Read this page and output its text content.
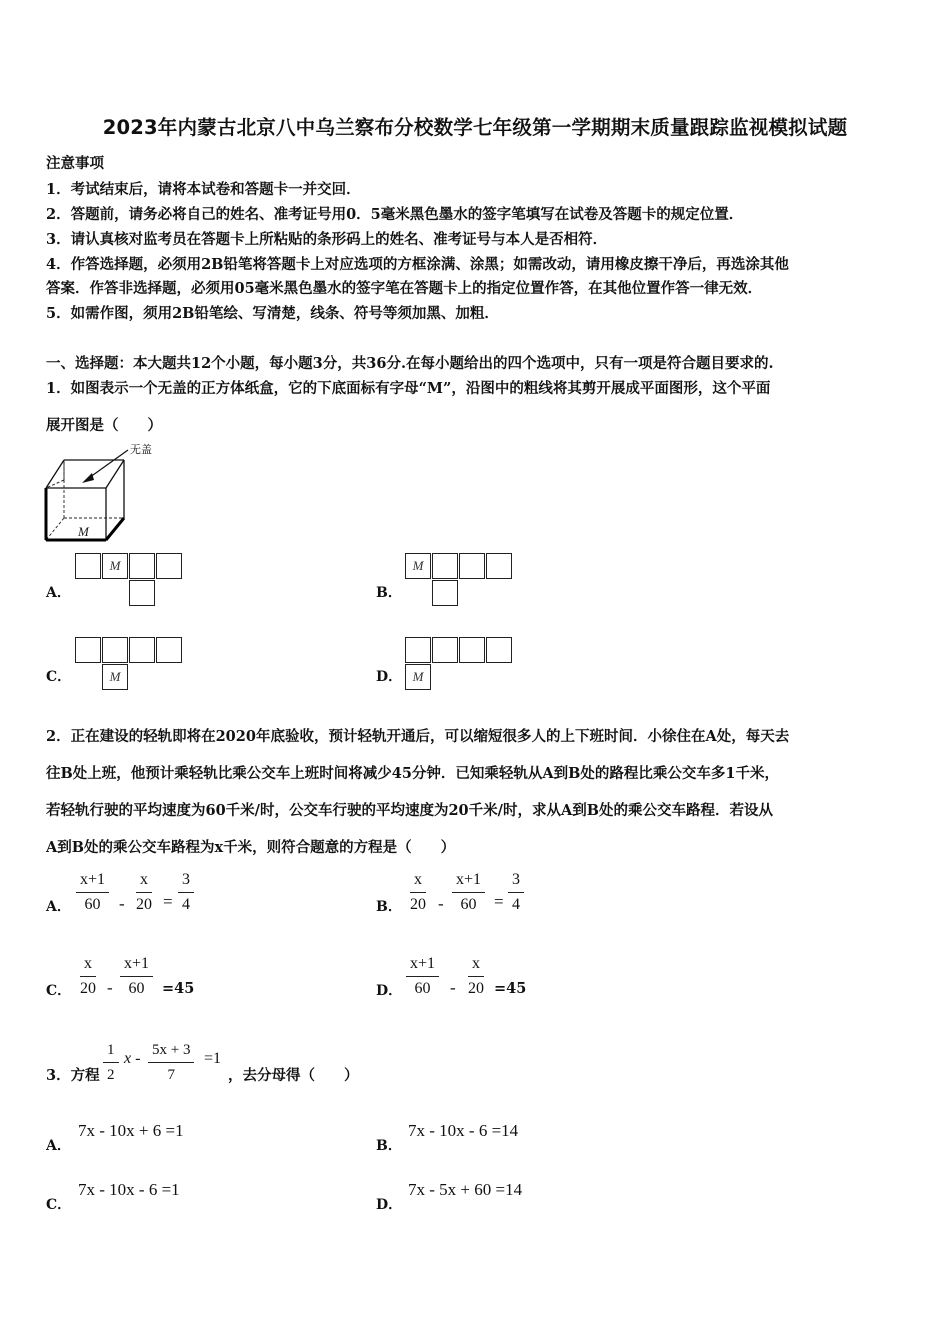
2023年内蒙古北京八中乌兰察布分校数学七年级第一学期期末质量跟踪监视模拟试题
注意事项
1．考试结束后，请将本试卷和答题卡一并交回．
2．答题前，请务必将自己的姓名、准考证号用0．5毫米黑色墨水的签字笔填写在试卷及答题卡的规定位置．
3．请认真核对监考员在答题卡上所粘贴的条形码上的姓名、准考证号与本人是否相符．
4．作答选择题，必须用2B铅笔将答题卡上对应选项的方框涂满、涂黑；如需改动，请用橡皮擦干净后，再选涂其他
答案．作答非选择题，必须用05毫米黑色墨水的签字笔在答题卡上的指定位置作答，在其他位置作答一律无效．
5．如需作图，须用2B铅笔绘、写清楚，线条、符号等须加黑、加粗．
一、选择题：本大题共12个小题，每小题3分，共36分.在每小题给出的四个选项中，只有一项是符合题目要求的.
1．如图表示一个无盖的正方体纸盒，它的下底面标有字母“M”，沿图中的粗线将其剪开展成平面图形，这个平面
展开图是（　　）
M
无盖
A．	B．
C．	D．
M	M
M	M
2．正在建设的轻轨即将在2020年底验收，预计轻轨开通后，可以缩短很多人的上下班时间．小徐住在A处，每天去
往B处上班，他预计乘轻轨比乘公交车上班时间将减少45分钟．已知乘轻轨从A到B处的路程比乘公交车多1千米，
若轻轨行驶的平均速度为60千米/时，公交车行驶的平均速度为20千米/时，求从A到B处的乘公交车路程．若设从
A到B处的乘公交车路程为x千米，则符合题意的方程是（　　）
A． $\frac{x+1}{60} - \frac{x}{20} = \frac{3}{4}$	B． $\frac{x}{20} - \frac{x+1}{60} = \frac{3}{4}$
C． $\frac{x}{20} - \frac{x+1}{60} =45$	D． $\frac{x+1}{60} - \frac{x}{20} =45$
3．方程 $\frac{1}{2}$ $x - \frac{5x + 3}{7} =1$
，去分母得（　　）
A．
7x - 10x + 6 =1
B．
7x - 10x - 6 =14
C．
7x - 10x - 6 =1
D．
7x - 5x + 60 =14
